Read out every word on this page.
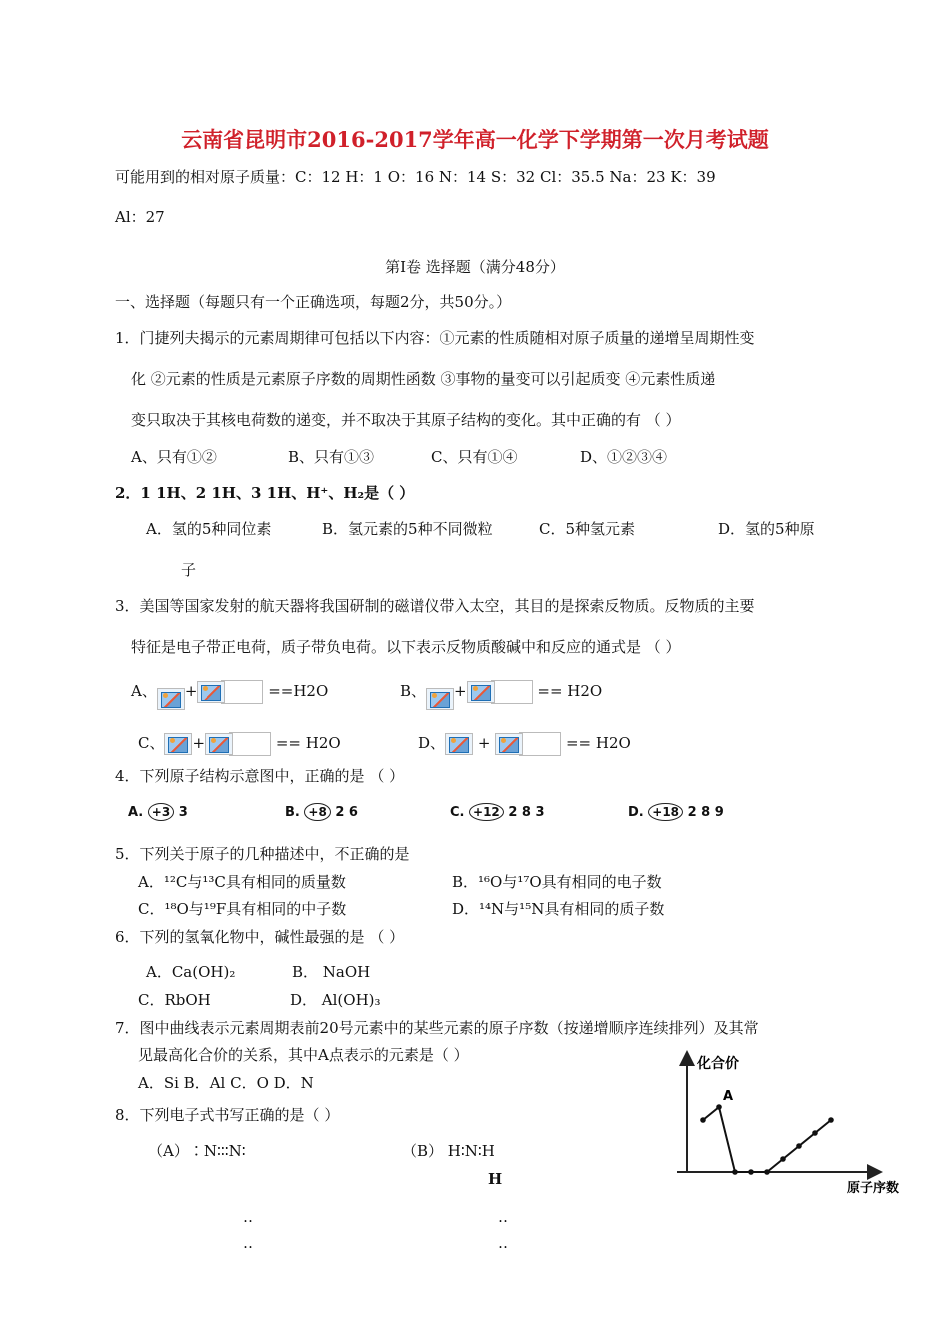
云南省昆明市2016-2017学年高一化学下学期第一次月考试题
可能用到的相对原子质量：C：12 H：1 O：16 N：14 S：32 Cl：35.5 Na：23 K：39
Al：27
第Ⅰ卷 选择题（满分48分）
一、选择题（每题只有一个正确选项，每题2分，共50分。）
1．门捷列夫揭示的元素周期律可包括以下内容：①元素的性质随相对原子质量的递增呈周期性变
化 ②元素的性质是元素原子序数的周期性函数 ③事物的量变可以引起质变 ④元素性质递
变只取决于其核电荷数的递变，并不取决于其原子结构的变化。其中正确的有 （ ）
A、只有①②	B、只有①③	C、只有①④	D、①②③④
2．1 1H、2 1H、3 1H、H⁺、H₂是（ ）
A．氢的5种同位素	B．氢元素的5种不同微粒	C．5种氢元素	D．氢的5种原
子
3．美国等国家发射的航天器将我国研制的磁谱仪带入太空，其目的是探索反物质。反物质的主要
特征是电子带正电荷，质子带负电荷。以下表示反物质酸碱中和反应的通式是 （ ）
A、 +	==H2O	B、 +	== H2O
C、 +	== H2O	D、 +	== H2O
4．下列原子结构示意图中，正确的是 （ ）
A. +3 3	B. +8 2 6	C. +12 2 8 3	D. +18 2 8 9
5．下列关于原子的几种描述中，不正确的是
A．¹²C与¹³C具有相同的质量数	B．¹⁶O与¹⁷O具有相同的电子数
C．¹⁸O与¹⁹F具有相同的中子数	D．¹⁴N与¹⁵N具有相同的质子数
6．下列的氢氧化物中，碱性最强的是 （ ）
A．Ca(OH)₂	B． NaOH
C．RbOH	D． Al(OH)₃
7．图中曲线表示元素周期表前20号元素中的某些元素的原子序数（按递增顺序连续排列）及其常
见最高化合价的关系，其中A点表示的元素是（ ）
A．Si B．Al C．O D．N
8．下列电子式书写正确的是（ ）
（A）∶N∶∶∶N∶	（B） H∶N∶H
H
‥
‥
‥
‥
化合价
原子序数
A
